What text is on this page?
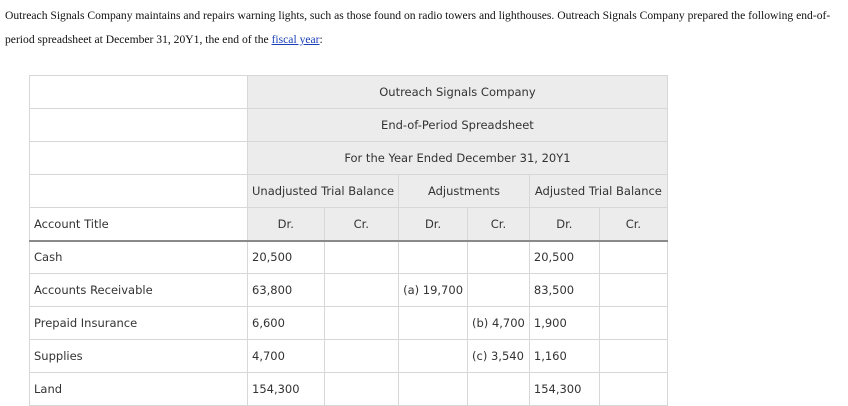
Outreach Signals Company maintains and repairs warning lights, such as those found on radio towers and lighthouses. Outreach Signals Company prepared the following end-of-
period spreadsheet at December 31, 20Y1, the end of the fiscal year:
	Outreach Signals Company					
	End-of-Period Spreadsheet					
	For the Year Ended December 31, 20Y1					
	Unadjusted Trial Balance		Adjustments		Adjusted Trial Balance	
Account Title	Dr.	Cr.	Dr.	Cr.	Dr.	Cr.
Cash	20,500				20,500	
Accounts Receivable	63,800		(a) 19,700		83,500	
Prepaid Insurance	6,600			(b) 4,700	1,900	
Supplies	4,700			(c) 3,540	1,160	
Land	154,300				154,300	
